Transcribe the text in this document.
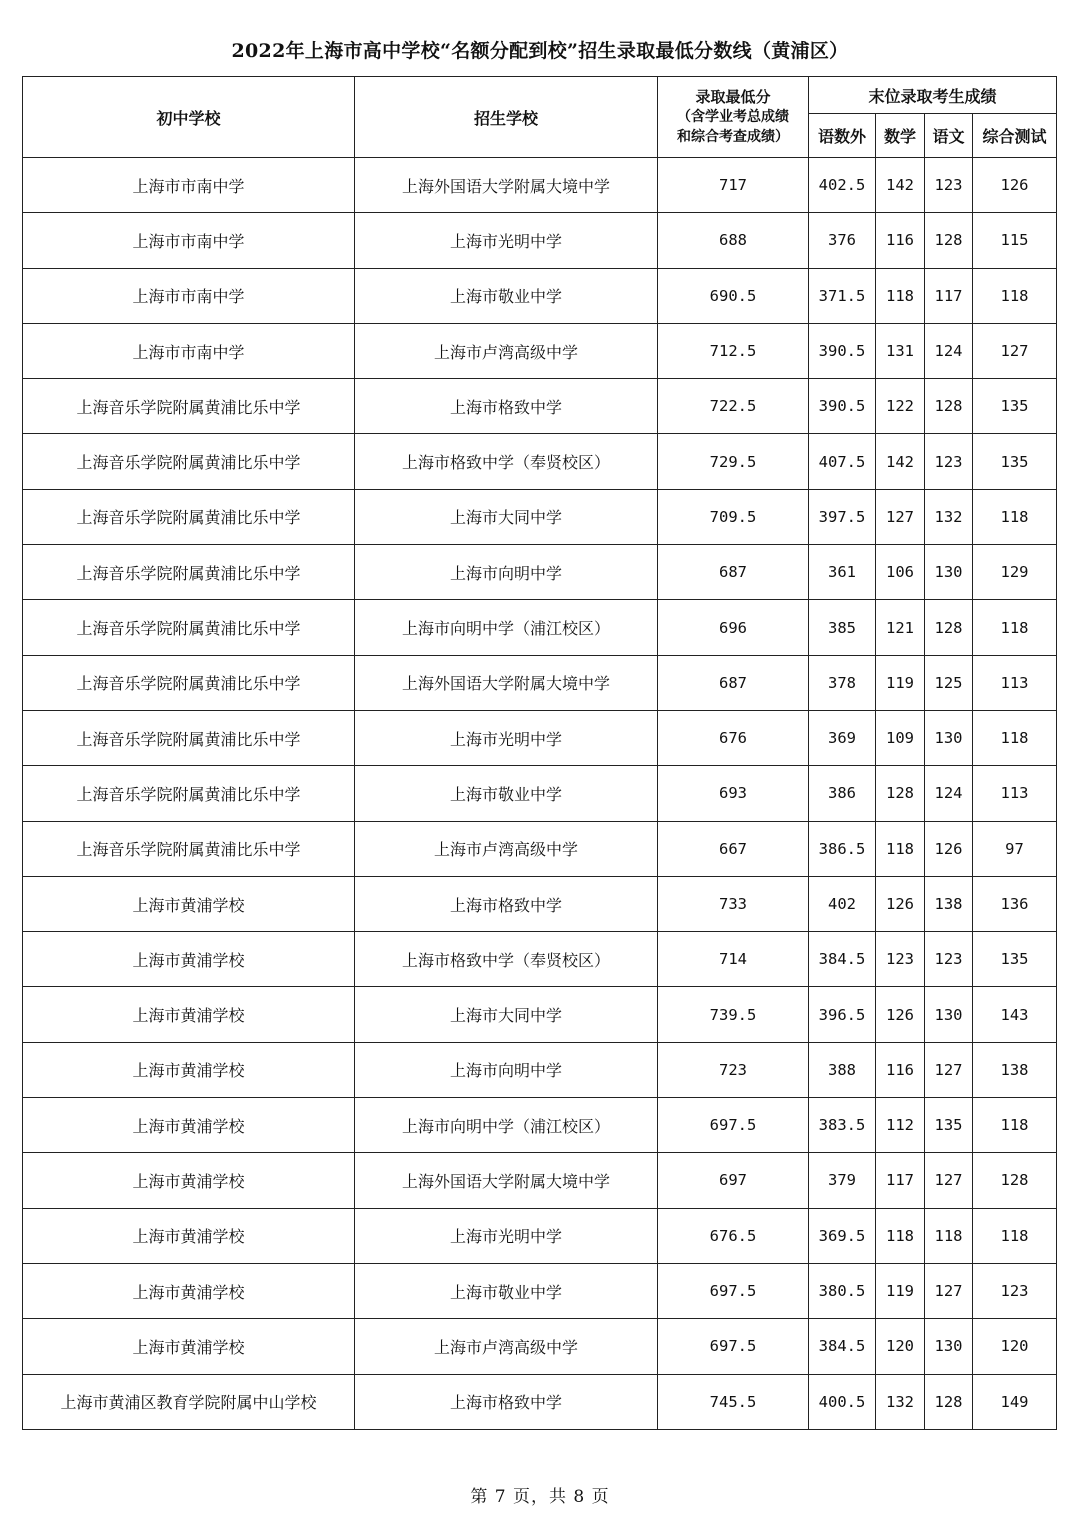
2022年上海市高中学校“名额分配到校”招生录取最低分数线（黄浦区）
初中学校	招生学校	录取最低分
（含学业考总成绩
和综合考查成绩）	末位录取考生成绩			
			语数外	数学	语文	综合测试
上海市市南中学	上海外国语大学附属大境中学	717	402.5	142	123	126
上海市市南中学	上海市光明中学	688	376	116	128	115
上海市市南中学	上海市敬业中学	690.5	371.5	118	117	118
上海市市南中学	上海市卢湾高级中学	712.5	390.5	131	124	127
上海音乐学院附属黄浦比乐中学	上海市格致中学	722.5	390.5	122	128	135
上海音乐学院附属黄浦比乐中学	上海市格致中学（奉贤校区）	729.5	407.5	142	123	135
上海音乐学院附属黄浦比乐中学	上海市大同中学	709.5	397.5	127	132	118
上海音乐学院附属黄浦比乐中学	上海市向明中学	687	361	106	130	129
上海音乐学院附属黄浦比乐中学	上海市向明中学（浦江校区）	696	385	121	128	118
上海音乐学院附属黄浦比乐中学	上海外国语大学附属大境中学	687	378	119	125	113
上海音乐学院附属黄浦比乐中学	上海市光明中学	676	369	109	130	118
上海音乐学院附属黄浦比乐中学	上海市敬业中学	693	386	128	124	113
上海音乐学院附属黄浦比乐中学	上海市卢湾高级中学	667	386.5	118	126	97
上海市黄浦学校	上海市格致中学	733	402	126	138	136
上海市黄浦学校	上海市格致中学（奉贤校区）	714	384.5	123	123	135
上海市黄浦学校	上海市大同中学	739.5	396.5	126	130	143
上海市黄浦学校	上海市向明中学	723	388	116	127	138
上海市黄浦学校	上海市向明中学（浦江校区）	697.5	383.5	112	135	118
上海市黄浦学校	上海外国语大学附属大境中学	697	379	117	127	128
上海市黄浦学校	上海市光明中学	676.5	369.5	118	118	118
上海市黄浦学校	上海市敬业中学	697.5	380.5	119	127	123
上海市黄浦学校	上海市卢湾高级中学	697.5	384.5	120	130	120
上海市黄浦区教育学院附属中山学校	上海市格致中学	745.5	400.5	132	128	149
第 7 页，共 8 页
